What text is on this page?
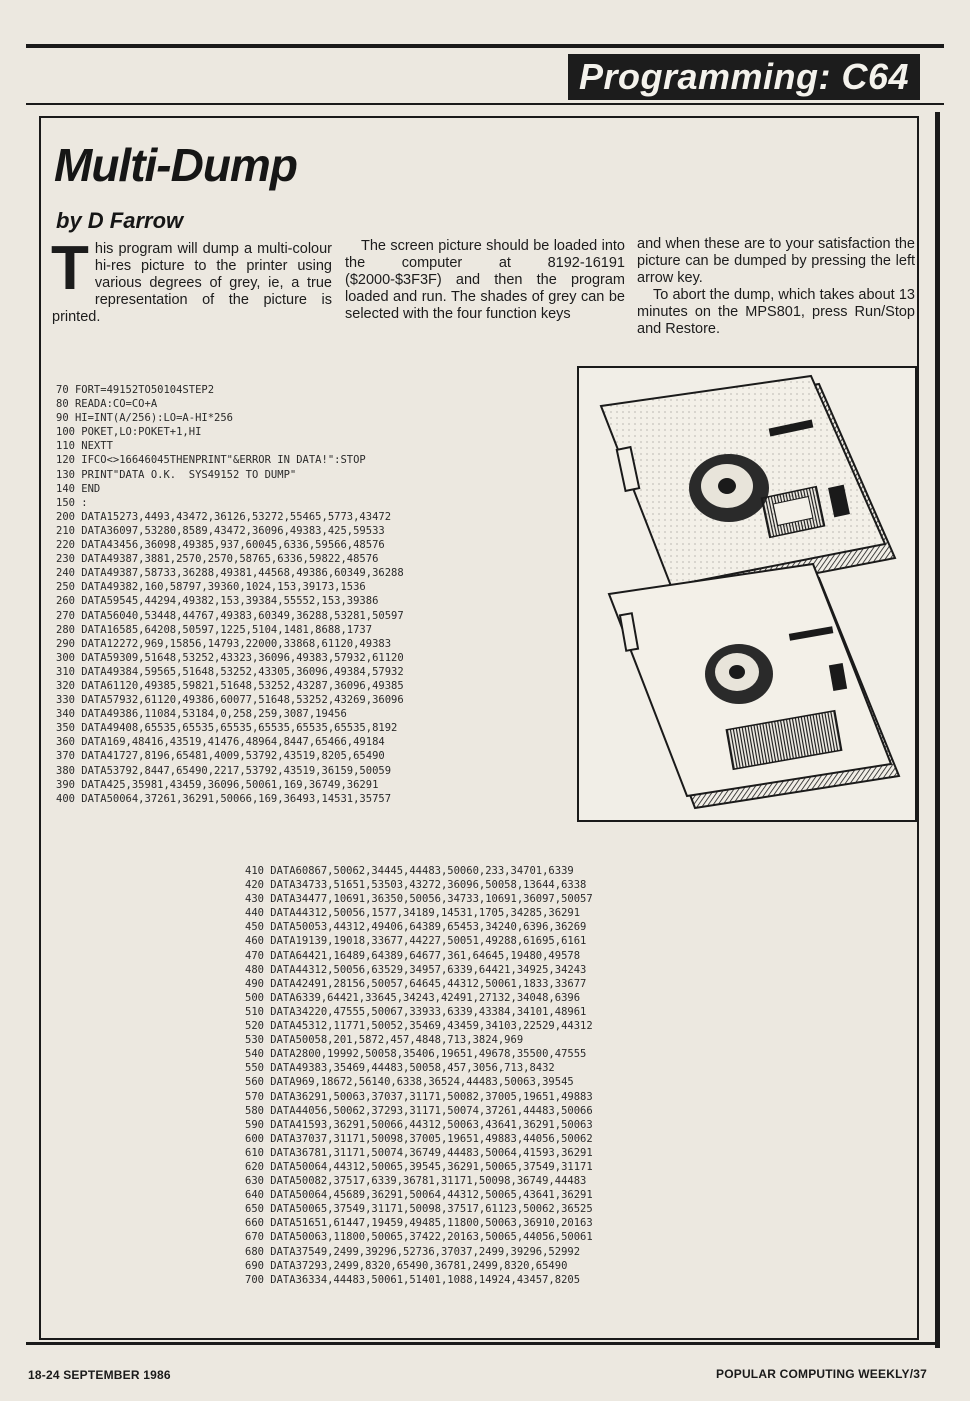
Programming: C64
Multi-Dump
by D Farrow

This program will dump a multi-colour hi-res picture to the printer using various degrees of grey, ie, a true representation of the picture is printed.

The screen picture should be loaded into the computer at 8192-16191 ($2000-$3F3F) and then the program loaded and run. The shades of grey can be selected with the four function keys

and when these are to your satisfaction the picture can be dumped by pressing the left arrow key.

To abort the dump, which takes about 13 minutes on the MPS801, press Run/Stop and Restore.

70 FORT=49152TO50104STEP2
80 READA:CO=CO+A
90 HI=INT(A/256):LO=A-HI*256
100 POKET,LO:POKET+1,HI
110 NEXTT
120 IFCO<>16646045THENPRINT"&ERROR IN DATA!":STOP
130 PRINT"DATA O.K.  SYS49152 TO DUMP"
140 END
150 :
200 DATA15273,4493,43472,36126,53272,55465,5773,43472
210 DATA36097,53280,8589,43472,36096,49383,425,59533
220 DATA43456,36098,49385,937,60045,6336,59566,48576
230 DATA49387,3881,2570,2570,58765,6336,59822,48576
240 DATA49387,58733,36288,49381,44568,49386,60349,36288
250 DATA49382,160,58797,39360,1024,153,39173,1536
260 DATA59545,44294,49382,153,39384,55552,153,39386
270 DATA56040,53448,44767,49383,60349,36288,53281,50597
280 DATA16585,64208,50597,1225,5104,1481,8688,1737
290 DATA12272,969,15856,14793,22000,33868,61120,49383
300 DATA59309,51648,53252,43323,36096,49383,57932,61120
310 DATA49384,59565,51648,53252,43305,36096,49384,57932
320 DATA61120,49385,59821,51648,53252,43287,36096,49385
330 DATA57932,61120,49386,60077,51648,53252,43269,36096
340 DATA49386,11084,53184,0,258,259,3087,19456
350 DATA49408,65535,65535,65535,65535,65535,65535,8192
360 DATA169,48416,43519,41476,48964,8447,65466,49184
370 DATA41727,8196,65481,4009,53792,43519,8205,65490
380 DATA53792,8447,65490,2217,53792,43519,36159,50059
390 DATA425,35981,43459,36096,50061,169,36749,36291
400 DATA50064,37261,36291,50066,169,36493,14531,35757
410 DATA60867,50062,34445,44483,50060,233,34701,6339
420 DATA34733,51651,53503,43272,36096,50058,13644,6338
430 DATA34477,10691,36350,50056,34733,10691,36097,50057
440 DATA44312,50056,1577,34189,14531,1705,34285,36291
450 DATA50053,44312,49406,64389,65453,34240,6396,36269
460 DATA19139,19018,33677,44227,50051,49288,61695,6161
470 DATA64421,16489,64389,64677,361,64645,19480,49578
480 DATA44312,50056,63529,34957,6339,64421,34925,34243
490 DATA42491,28156,50057,64645,44312,50061,1833,33677
500 DATA6339,64421,33645,34243,42491,27132,34048,6396
510 DATA34220,47555,50067,33933,6339,43384,34101,48961
520 DATA45312,11771,50052,35469,43459,34103,22529,44312
530 DATA50058,201,5872,457,4848,713,3824,969
540 DATA2800,19992,50058,35406,19651,49678,35500,47555
550 DATA49383,35469,44483,50058,457,3056,713,8432
560 DATA969,18672,56140,6338,36524,44483,50063,39545
570 DATA36291,50063,37037,31171,50082,37005,19651,49883
580 DATA44056,50062,37293,31171,50074,37261,44483,50066
590 DATA41593,36291,50066,44312,50063,43641,36291,50063
600 DATA37037,31171,50098,37005,19651,49883,44056,50062
610 DATA36781,31171,50074,36749,44483,50064,41593,36291
620 DATA50064,44312,50065,39545,36291,50065,37549,31171
630 DATA50082,37517,6339,36781,31171,50098,36749,44483
640 DATA50064,45689,36291,50064,44312,50065,43641,36291
650 DATA50065,37549,31171,50098,37517,61123,50062,36525
660 DATA51651,61447,19459,49485,11800,50063,36910,20163
670 DATA50063,11800,50065,37422,20163,50065,44056,50061
680 DATA37549,2499,39296,52736,37037,2499,39296,52992
690 DATA37293,2499,8320,65490,36781,2499,8320,65490
700 DATA36334,44483,50061,51401,1088,14924,43457,8205
18-24 SEPTEMBER 1986	POPULAR COMPUTING WEEKLY/37
